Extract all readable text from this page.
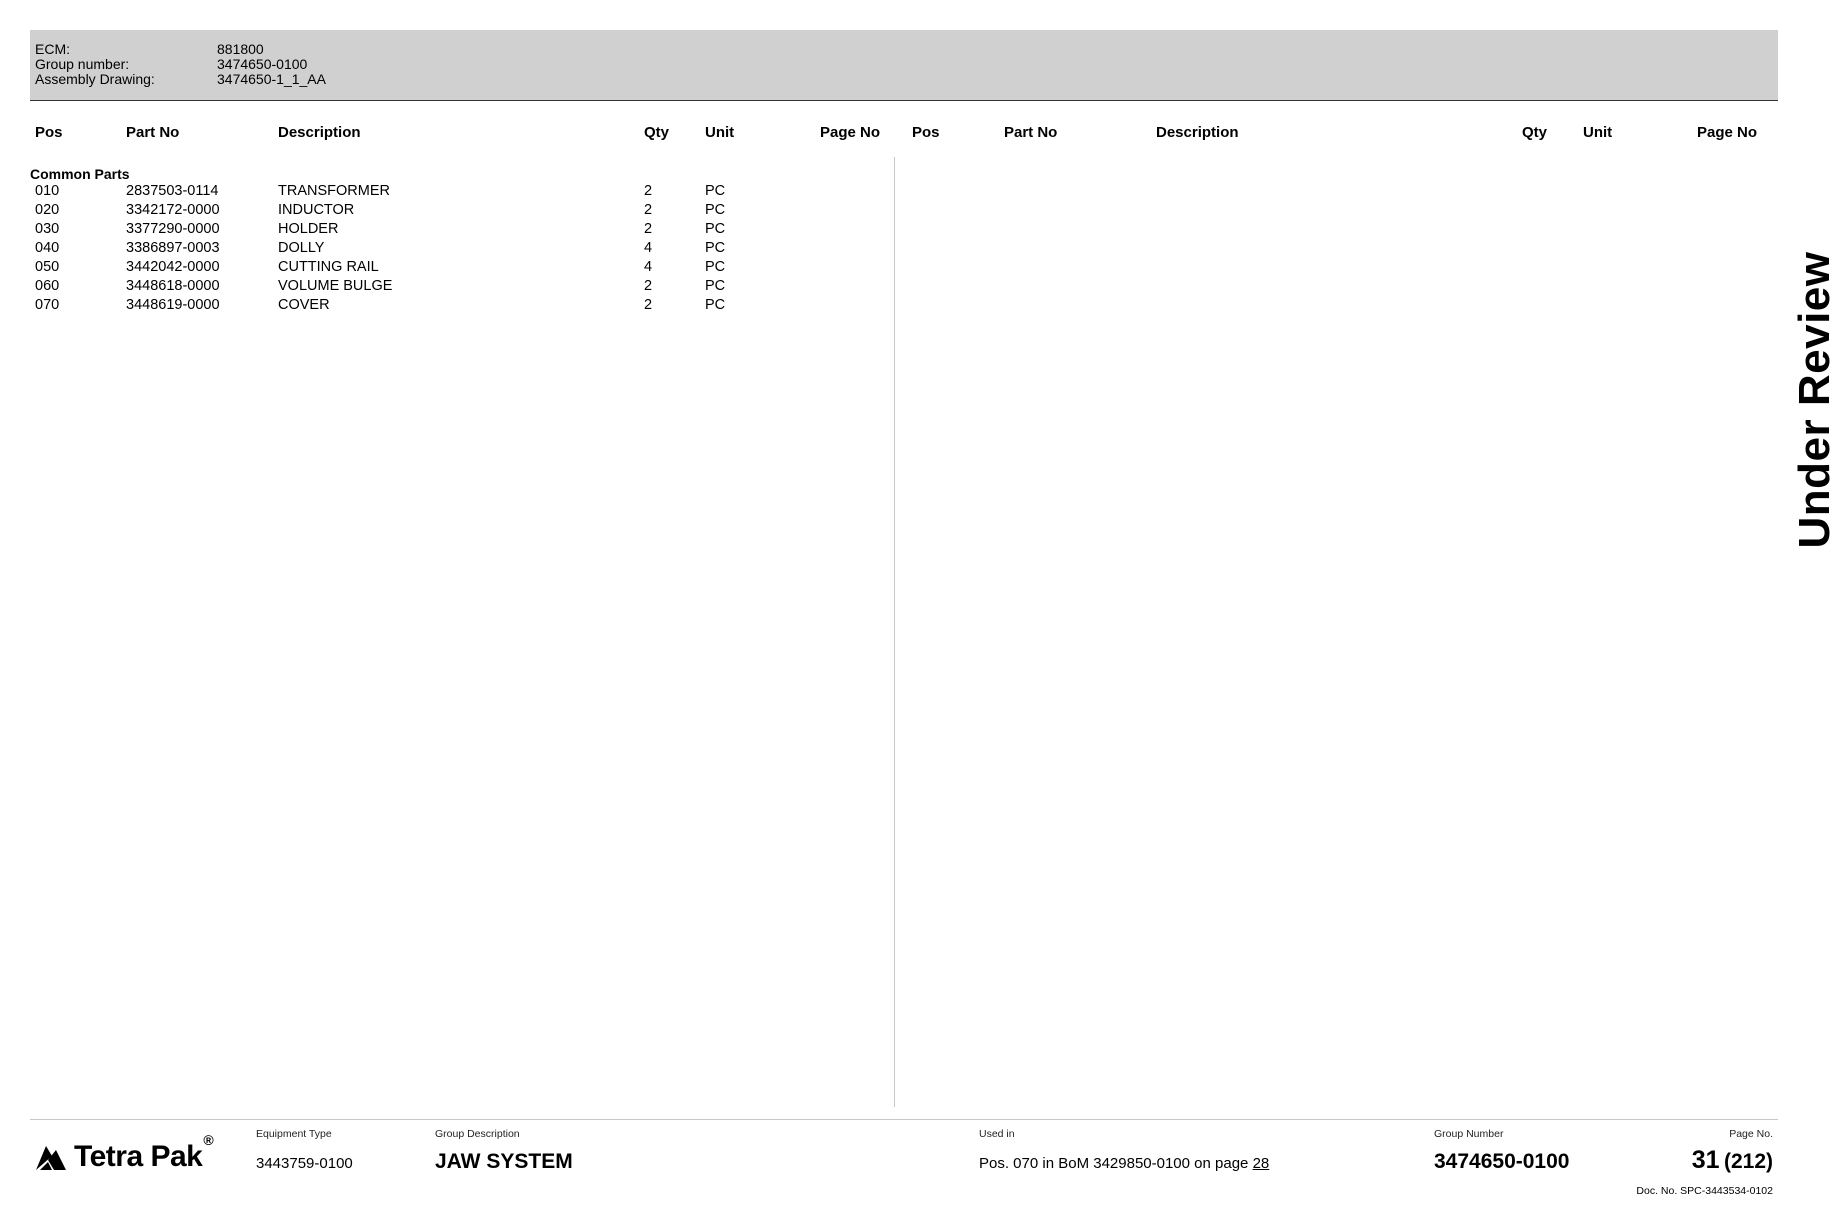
ECM:	881800
Group number:	3474650-0100
Assembly Drawing:	3474650-1_1_AA
Pos	Part No	Description	Qty Unit	Page No Pos	Part No	Description	Qty Unit	Page No
Common Parts
010	2837503-0114	TRANSFORMER	2	PC
020	3342172-0000	INDUCTOR	2	PC
030	3377290-0000	HOLDER	2	PC
040	3386897-0003	DOLLY	4	PC
050	3442042-0000	CUTTING RAIL	4	PC
060	3448618-0000	VOLUME BULGE	2	PC
070	3448619-0000	COVER	2	PC	Under Review
Tetra Pak®	Equipment Type
3443759-0100
Group Description
JAW SYSTEM
Used in
Pos. 070 in BoM 3429850-0100 on page 28
Group Number
3474650-0100
Page No.
31 (212)
Doc. No. SPC-3443534-0102
